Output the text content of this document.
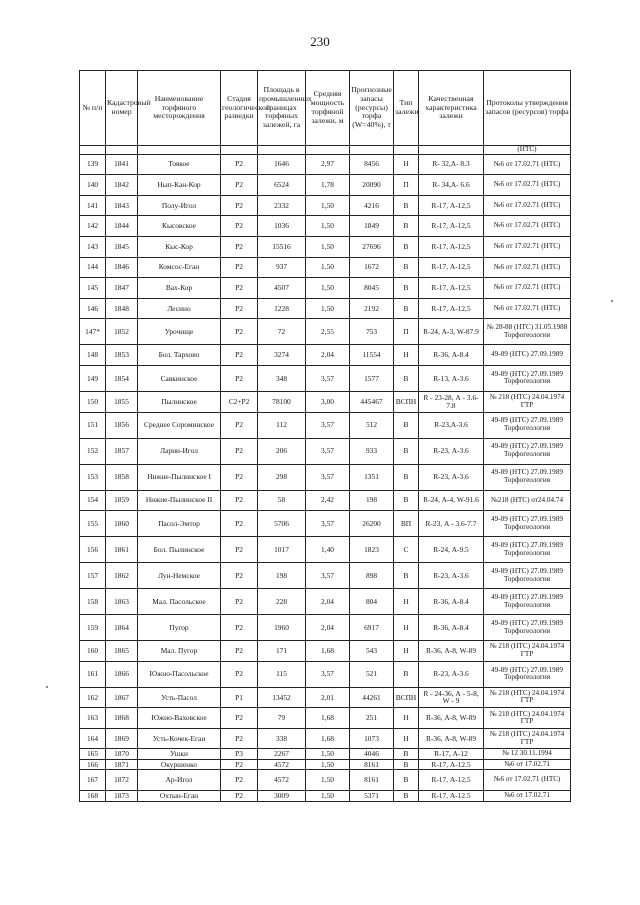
230
№ п/п	Кадастровый номер	Наименование торфяного месторождения	Стадия геологической разведки	Площадь в промышленных границах торфяных залежей, га	Средняя мощность торфяной залежи, м	Прогнозные запасы (ресурсы) торфа (W=40%), т	Тип залежи	Качественная характеристика залежи	Протоколы утверждения запасов (ресурсов) торфа
									(НТС)
139	1841	Тоякое	Р2	1646	2,97	8456	Н	R- 32,А- 8.3	№6 от 17.02.71 (НТС)
140	1842	Нып-Кан-Кор	Р2	6524	1,78	20090	П	R- 34,А- 6.6	№6 от 17.02.71 (НТС)
141	1843	Полу-Игол	Р2	2332	1,50	4216	В	R-17, А-12,5	№6 от 17.02.71 (НТС)
142	1844	Кысовское	Р2	1036	1,50	1849	В	R-17, А-12,5	№6 от 17.02.71 (НТС)
143	1845	Кыс-Кор	Р2	15516	1,50	27696	В	R-17, А-12,5	№6 от 17.02.71 (НТС)
144	1846	Комсос-Еган	Р2	937	1,50	1672	В	R-17, А-12,5	№6 от 17.02.71 (НТС)
145	1847	Вах-Кор	Р2	4507	1,50	8045	В	R-17, А-12,5	№6 от 17.02.71 (НТС)
146	1848	Лесино	Р2	1228	1,50	2192	В	R-17, А-12,5	№6 от 17.02.71 (НТС)
147*	1852	Урочище	Р2	72	2,55	753	П	R-24, А-3, W-87.9	№ 28-88 (НТС) 31.05.1988 Торфогеология
148	1853	Бол. Тархово	Р2	3274	2,04	11554	Н	R-36, А-8.4	49-89 (НТС) 27.09.1989
149	1854	Савкинское	Р2	348	3,57	1577	В	R-13, А-3.6	49-89 (НТС) 27.09.1989 Торфогеология
150	1855	Пылинское	С2+Р2	78100	3,00	445467	ВСПН	R - 23-28, А - 3.6-7.8	№ 218 (НТС) 24.04.1974 ГТР
151	1856	Среднее Сороминское	Р2	112	3,57	512	В	R-23,А-3.6	49-89 (НТС) 27.09.1989 Торфогеология
152	1857	Ларин-Игол	Р2	206	3,57	933	В	R-23, А-3.6	49-89 (НТС) 27.09.1989 Торфогеология
153	1858	Нижне-Пылинское I	Р2	298	3,57	1351	В	R-23, А-3.6	49-89 (НТС) 27.09.1989 Торфогеология
154	1859	Нижне-Пылинское II	Р2	58	2,42	198	В	R-24, А-4, W-91.6	№218 (НТС) от24.04.74
155	1860	Пасол-Эмтор	Р2	5706	3,57	26200	ВП	R-23, А - 3.6-7.7	49-89 (НТС) 27.09.1989 Торфогеология
156	1861	Бол. Пылинское	Р2	1017	1,40	1823	С	R-24, А-9.5	49-89 (НТС) 27.09.1989 Торфогеология
157	1862	Лун-Немское	Р2	198	3,57	898	В	R-23, А-3.6	49-89 (НТС) 27.09.1989 Торфогеология
158	1863	Мал. Пасольское	Р2	228	2,04	804	Н	R-36, А-8.4	49-89 (НТС) 27.09.1989 Торфогеология
159	1864	Пугор	Р2	1960	2,04	6917	Н	R-36, А-8.4	49-89 (НТС) 27.09.1989 Торфогеология
160	1865	Мал. Пугор	Р2	171	1,68	543	Н	R-36, А-8, W-89	№ 218 (НТС) 24.04.1974 ГТР
161	1866	Южно-Пасольское	Р2	115	3,57	521	В	R-23, А-3.6	49-89 (НТС) 27.09.1989 Торфогеология
162	1867	Усть-Пасол	Р1	13452	2,01	44261	ВСПН	R - 24-36, А - 5-8, W - 9	№ 218 (НТС) 24.04.1974 ГТР
163	1868	Южно-Ваховское	Р2	79	1,68	251	Н	R-36, А-8, W-89	№ 218 (НТС) 24.04.1974 ГТР
164	1869	Усть-Кочек-Еган	Р2	338	1,68	1073	Н	R-36, А-8, W-89	№ 218 (НТС) 24.04.1974 ГТР
165	1870	Ушки	Р3	2267	1,50	4046	В	R-17, А-12	№ 12 30.11.1994
166	1871	Окуршенко	Р2	4572	1,50	8161	В	R-17, А-12.5	№6 от 17.02.71
167	1872	Ар-Игол	Р2	4572	1,50	8161	В	R-17, А-12,5	№6 от 17.02.71 (НТС)
168	1873	Охтын-Еган	Р2	3009	1,50	5371	В	R-17, А-12.5	№6 от 17.02.71
